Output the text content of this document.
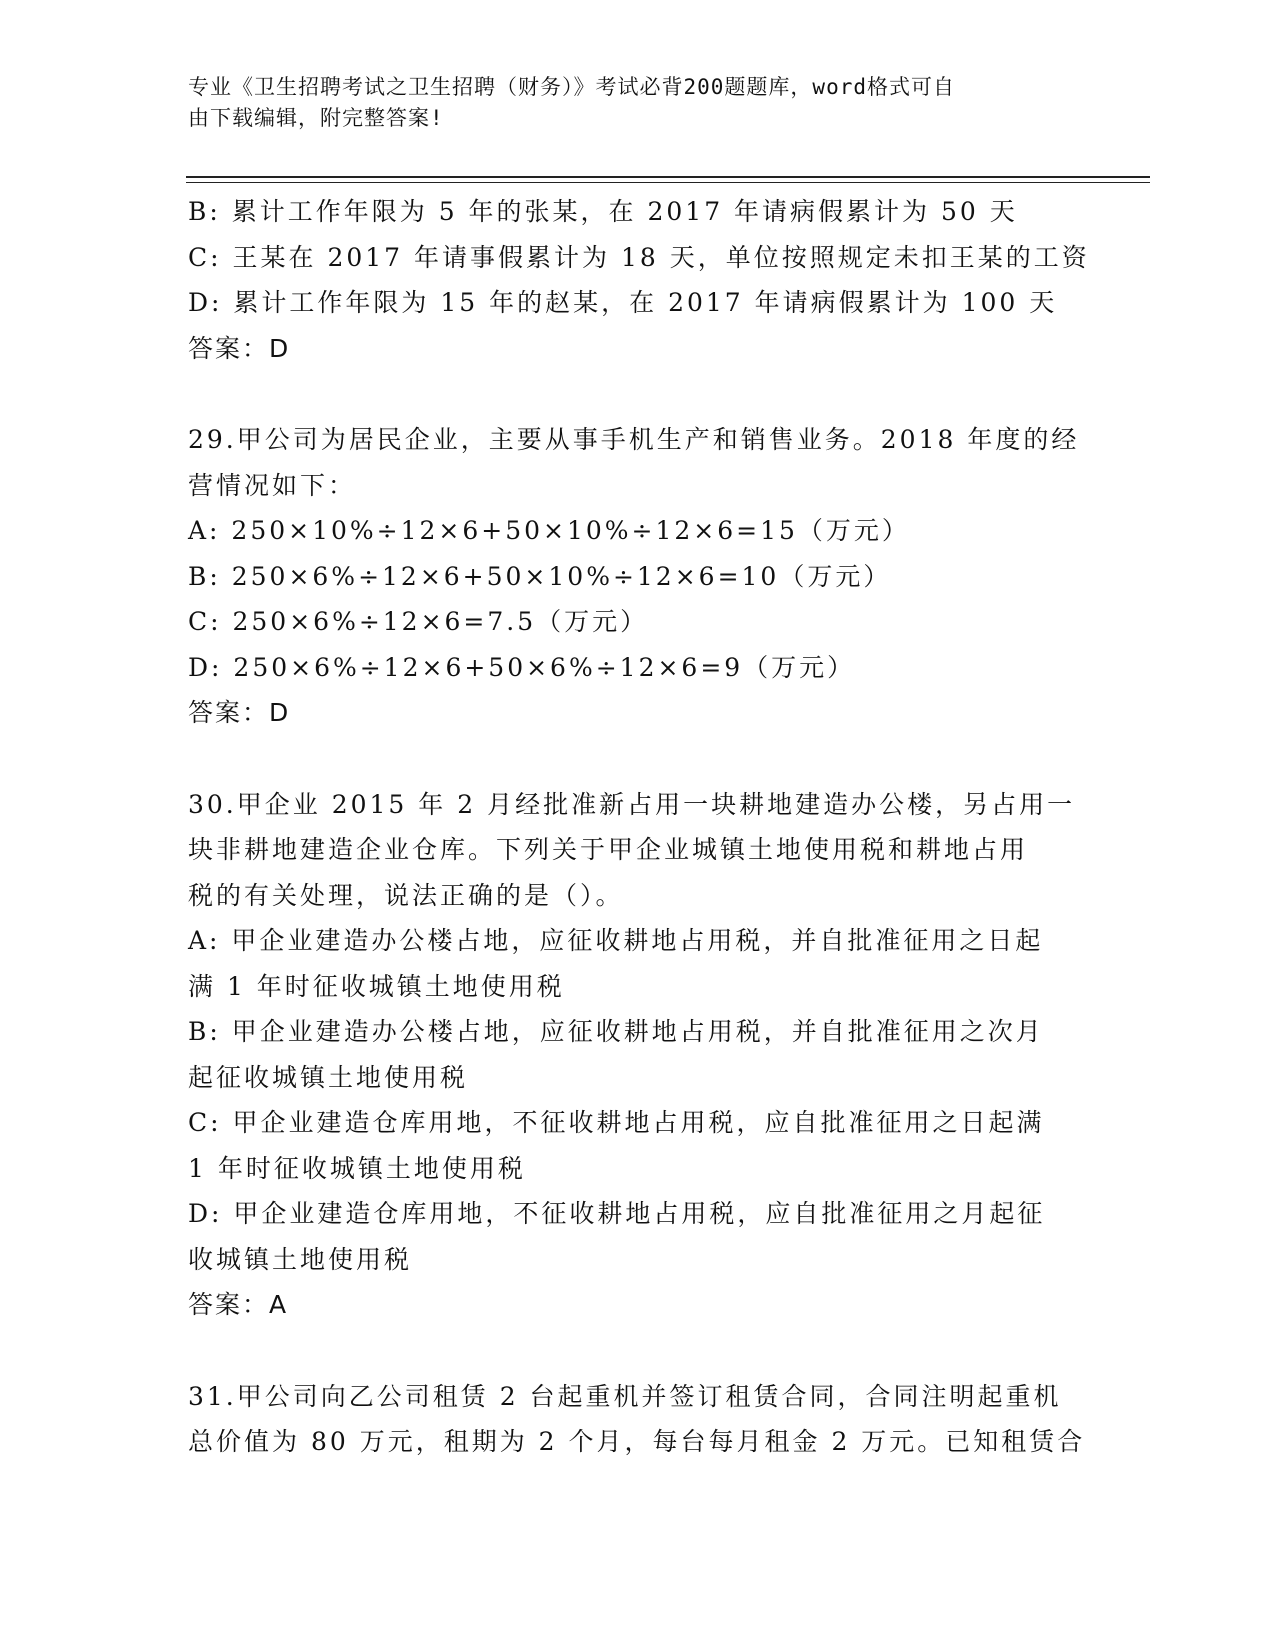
专业《卫生招聘考试之卫生招聘（财务）》考试必背200题题库，word格式可自
由下载编辑，附完整答案!
B: 累计工作年限为 5 年的张某，在 2017 年请病假累计为 50 天
C: 王某在 2017 年请事假累计为 18 天，单位按照规定未扣王某的工资
D: 累计工作年限为 15 年的赵某，在 2017 年请病假累计为 100 天
答案：D
29.甲公司为居民企业，主要从事手机生产和销售业务。2018 年度的经
营情况如下：
A: 250×10%÷12×6+50×10%÷12×6=15（万元）
B: 250×6%÷12×6+50×10%÷12×6=10（万元）
C: 250×6%÷12×6=7.5（万元）
D: 250×6%÷12×6+50×6%÷12×6=9（万元）
答案：D
30.甲企业 2015 年 2 月经批准新占用一块耕地建造办公楼，另占用一
块非耕地建造企业仓库。下列关于甲企业城镇土地使用税和耕地占用
税的有关处理，说法正确的是（）。
A: 甲企业建造办公楼占地，应征收耕地占用税，并自批准征用之日起
满 1 年时征收城镇土地使用税
B: 甲企业建造办公楼占地，应征收耕地占用税，并自批准征用之次月
起征收城镇土地使用税
C: 甲企业建造仓库用地，不征收耕地占用税，应自批准征用之日起满
1 年时征收城镇土地使用税
D: 甲企业建造仓库用地，不征收耕地占用税，应自批准征用之月起征
收城镇土地使用税
答案：A
31.甲公司向乙公司租赁 2 台起重机并签订租赁合同，合同注明起重机
总价值为 80 万元，租期为 2 个月，每台每月租金 2 万元。已知租赁合
